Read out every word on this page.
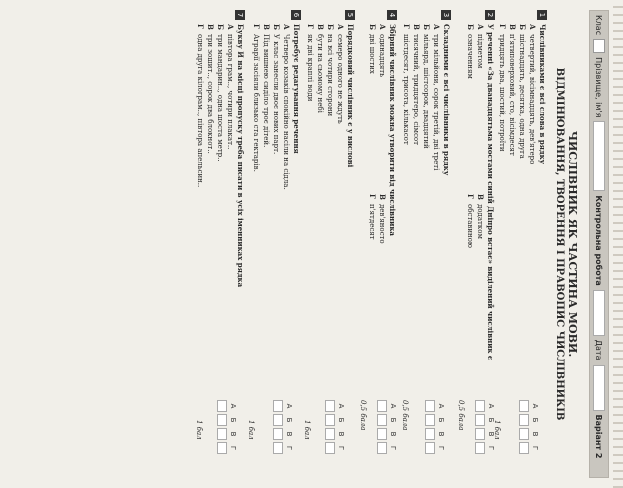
Клас
Прізвище, ім'я
Контрольна робота
Дата
Варіант 2
ЧИСЛІВНИК ЯК ЧАСТИНА МОВИ.
ВІДМІНЮВАННЯ, ТВОРЕННЯ І ПРАВОПИС ЧИСЛІВНИКІВ
1Числівниками є всі слова в рядку
Ачетвертий, вісімнадцять, дев'ятеро
Бшістнадцять, десятка, одна друга
Вп'ятиповерховий, сто, вісімдесят
Гтридцять два, шостий, потроїти
А
Б
В
Г
1 бал
2У реченні «За дванадцятьма мостами синій Дніпро встає» виділений числівник є
Апідметом
Вдодатком
Бозначенням
Гобставиною
А
Б
В
Г
0,5 бала
3Складними є всі числівники в рядку
Атри мільйони, сорок третій, дві треті
Бмільярд, шістсорок, двадцятий
Втисячний, тридцятеро, сімсот
Гшістдесят, трисота, кількасот
А
Б
В
Г
0,5 бала
4Збірний числівник можна утворити від числівника
Аодинадцять
Вдев'яносто
Бдві шостих
Гп'ятдесят
А
Б
В
Г
0,5 бала
5Порядковий числівник є у вислові
Асемеро одного не ждуть
Бна всі чотири сторони
Вбути на сьомому небі
Гяк дві краплі води
А
Б
В
Г
1 бал
6Потребує редагування речення
АЧетверо козаків спокійно насіли на сідла.
БУ клас занесли двоє нових парт.
ВПід вишнею сиділо троє дітей.
ГАграрії засіяли близько ста гектарів.
А
Б
В
Г
1 бал
7Букву И на місці пропуску треба писати в усіх іменниках рядка
Апівтора грам.., чотири плакат..
Бтри мандарин.., одна шоста метр..
Втри зошит.., сорок два блокнот..
Годна друга кілограм.., півтора апельсин..
А
Б
В
Г
1 бал
